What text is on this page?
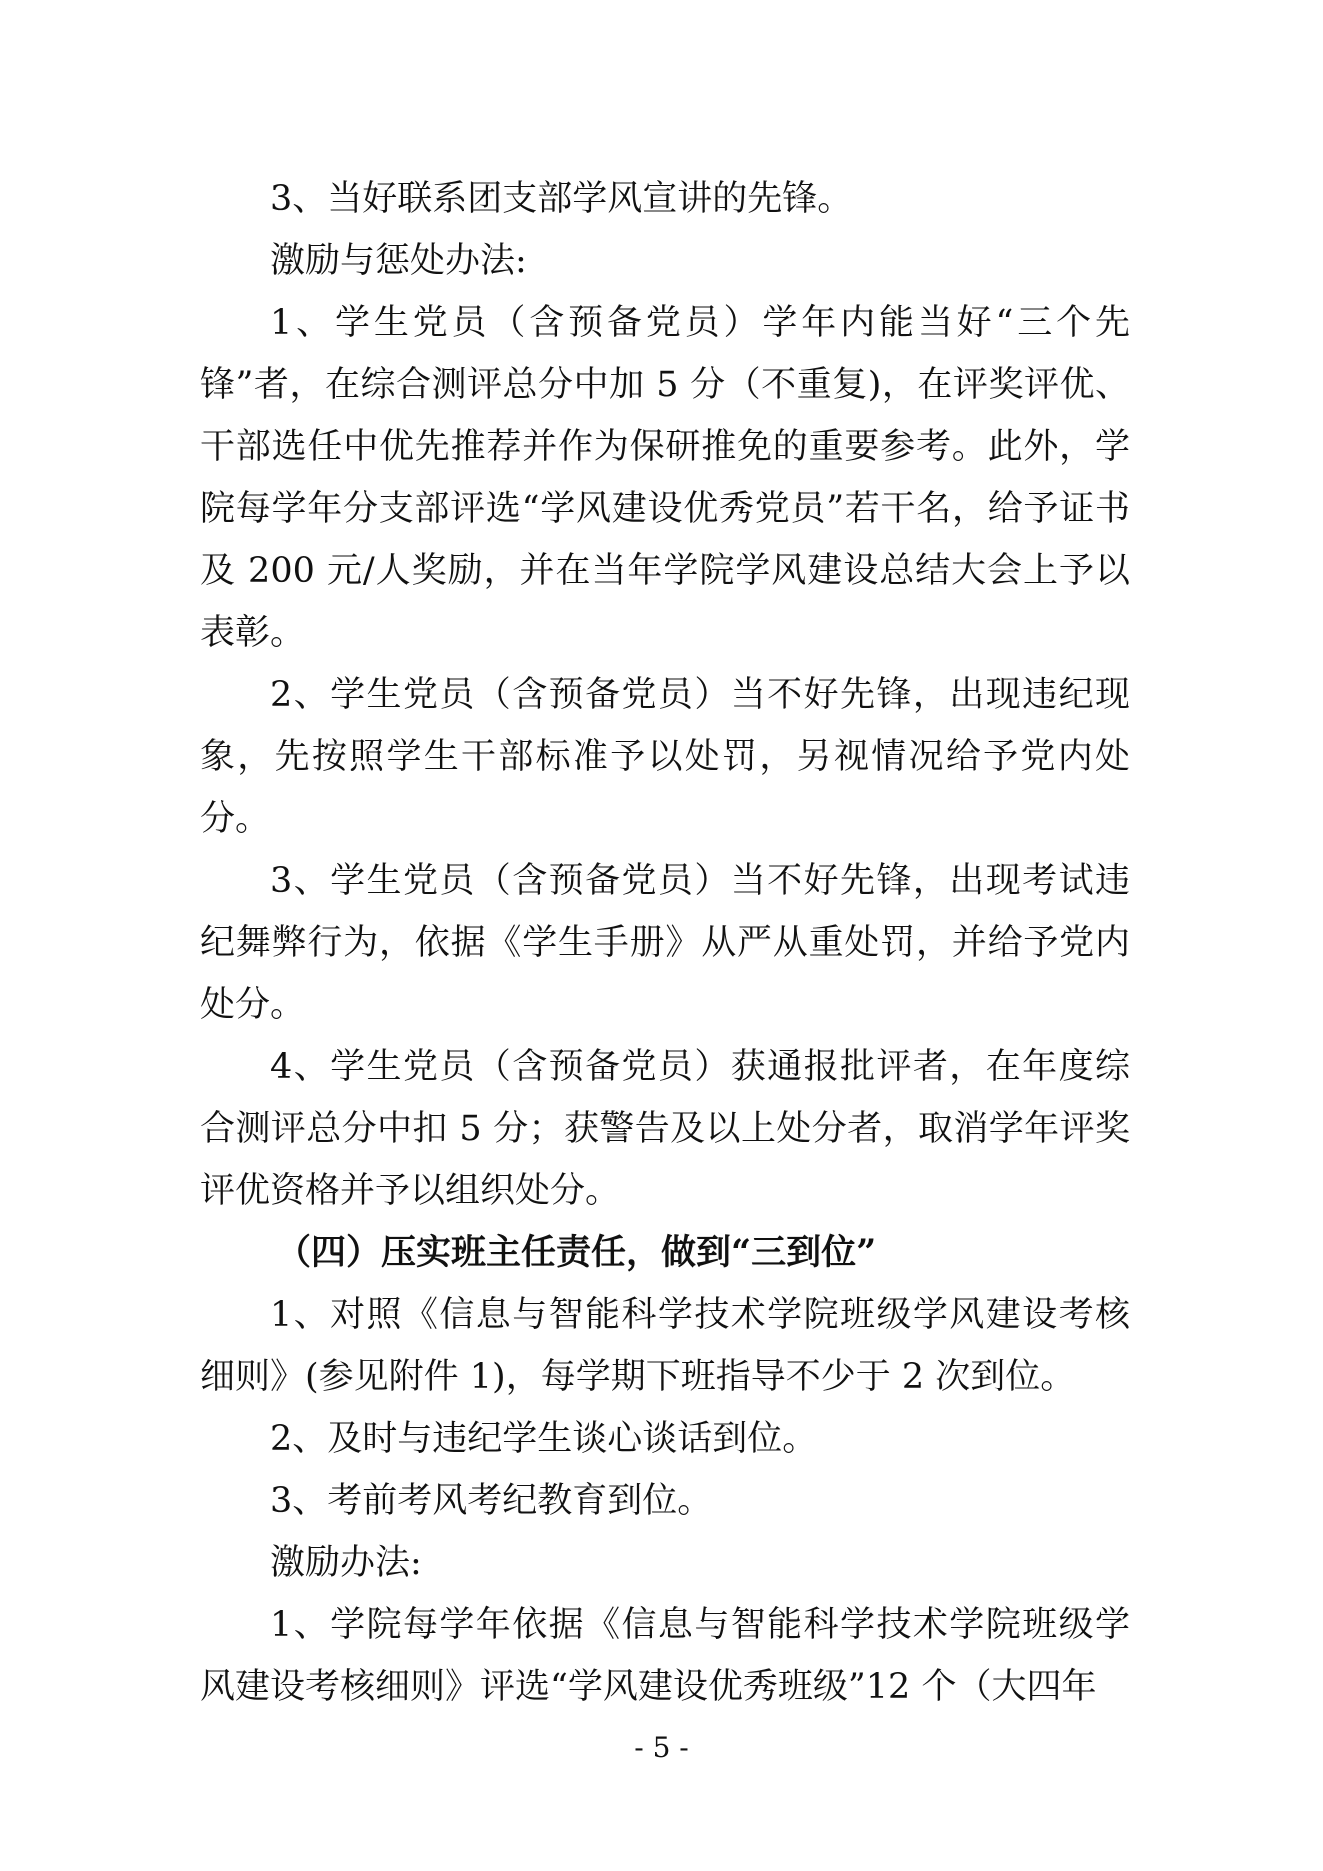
3、当好联系团支部学风宣讲的先锋。

激励与惩处办法:

1、学生党员（含预备党员）学年内能当好“三个先锋”者，在综合测评总分中加 5 分（不重复)，在评奖评优、干部选任中优先推荐并作为保研推免的重要参考。此外，学院每学年分支部评选“学风建设优秀党员”若干名，给予证书及 200 元/人奖励，并在当年学院学风建设总结大会上予以表彰。

2、学生党员（含预备党员）当不好先锋，出现违纪现象，先按照学生干部标准予以处罚，另视情况给予党内处分。

3、学生党员（含预备党员）当不好先锋，出现考试违纪舞弊行为，依据《学生手册》从严从重处罚，并给予党内处分。

4、学生党员（含预备党员）获通报批评者，在年度综合测评总分中扣 5 分；获警告及以上处分者，取消学年评奖评优资格并予以组织处分。

（四）压实班主任责任，做到“三到位”

1、对照《信息与智能科学技术学院班级学风建设考核细则》(参见附件 1)，每学期下班指导不少于 2 次到位。

2、及时与违纪学生谈心谈话到位。

3、考前考风考纪教育到位。

激励办法:

1、学院每学年依据《信息与智能科学技术学院班级学风建设考核细则》评选“学风建设优秀班级”12 个（大四年

- 5 -
